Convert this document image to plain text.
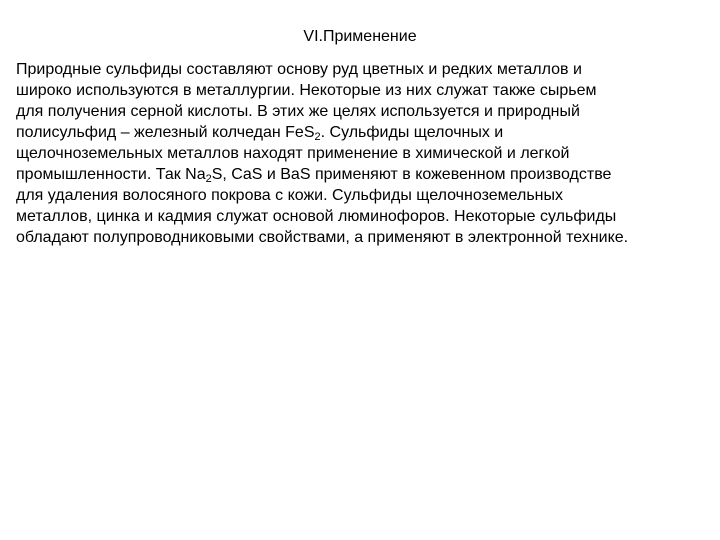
VI.Применение
Природные сульфиды составляют основу руд цветных и редких металлов и
широко используются в металлургии. Некоторые из них служат также сырьем
для получения серной кислоты. В этих же целях используется и природный
полисульфид – железный колчедан FeS$_2$. Сульфиды щелочных и
щелочноземельных металлов находят применение в химической и легкой
промышленности. Так $Na_2S$, CaS и BaS применяют в кожевенном производстве
для удаления волосяного покрова с кожи. Сульфиды щелочноземельных
металлов, цинка и кадмия служат основой люминофоров. Некоторые сульфиды
обладают полупроводниковыми свойствами, а применяют в электронной технике.
